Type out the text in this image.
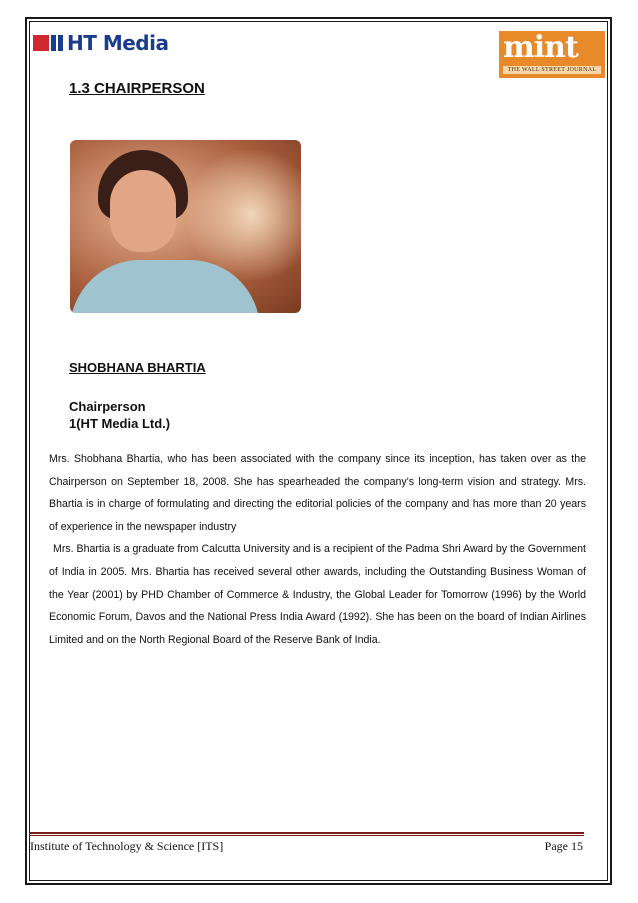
HT Media	mint
THE WALL STREET JOURNAL
1.3 CHAIRPERSON
SHOBHANA BHARTIA
Chairperson
1(HT Media Ltd.)

Mrs. Shobhana Bhartia, who has been associated with the company since its inception, has taken over as the Chairperson on September 18, 2008. She has spearheaded the company's long-term vision and strategy. Mrs. Bhartia is in charge of formulating and directing the editorial policies of the company and has more than 20 years of experience in the newspaper industry

Mrs. Bhartia is a graduate from Calcutta University and is a recipient of the Padma Shri Award by the Government of India in 2005. Mrs. Bhartia has received several other awards, including the Outstanding Business Woman of the Year (2001) by PHD Chamber of Commerce & Industry, the Global Leader for Tomorrow (1996) by the World Economic Forum, Davos and the National Press India Award (1992). She has been on the board of Indian Airlines Limited and on the North Regional Board of the Reserve Bank of India.

Institute of Technology & Science [ITS]	Page 15
